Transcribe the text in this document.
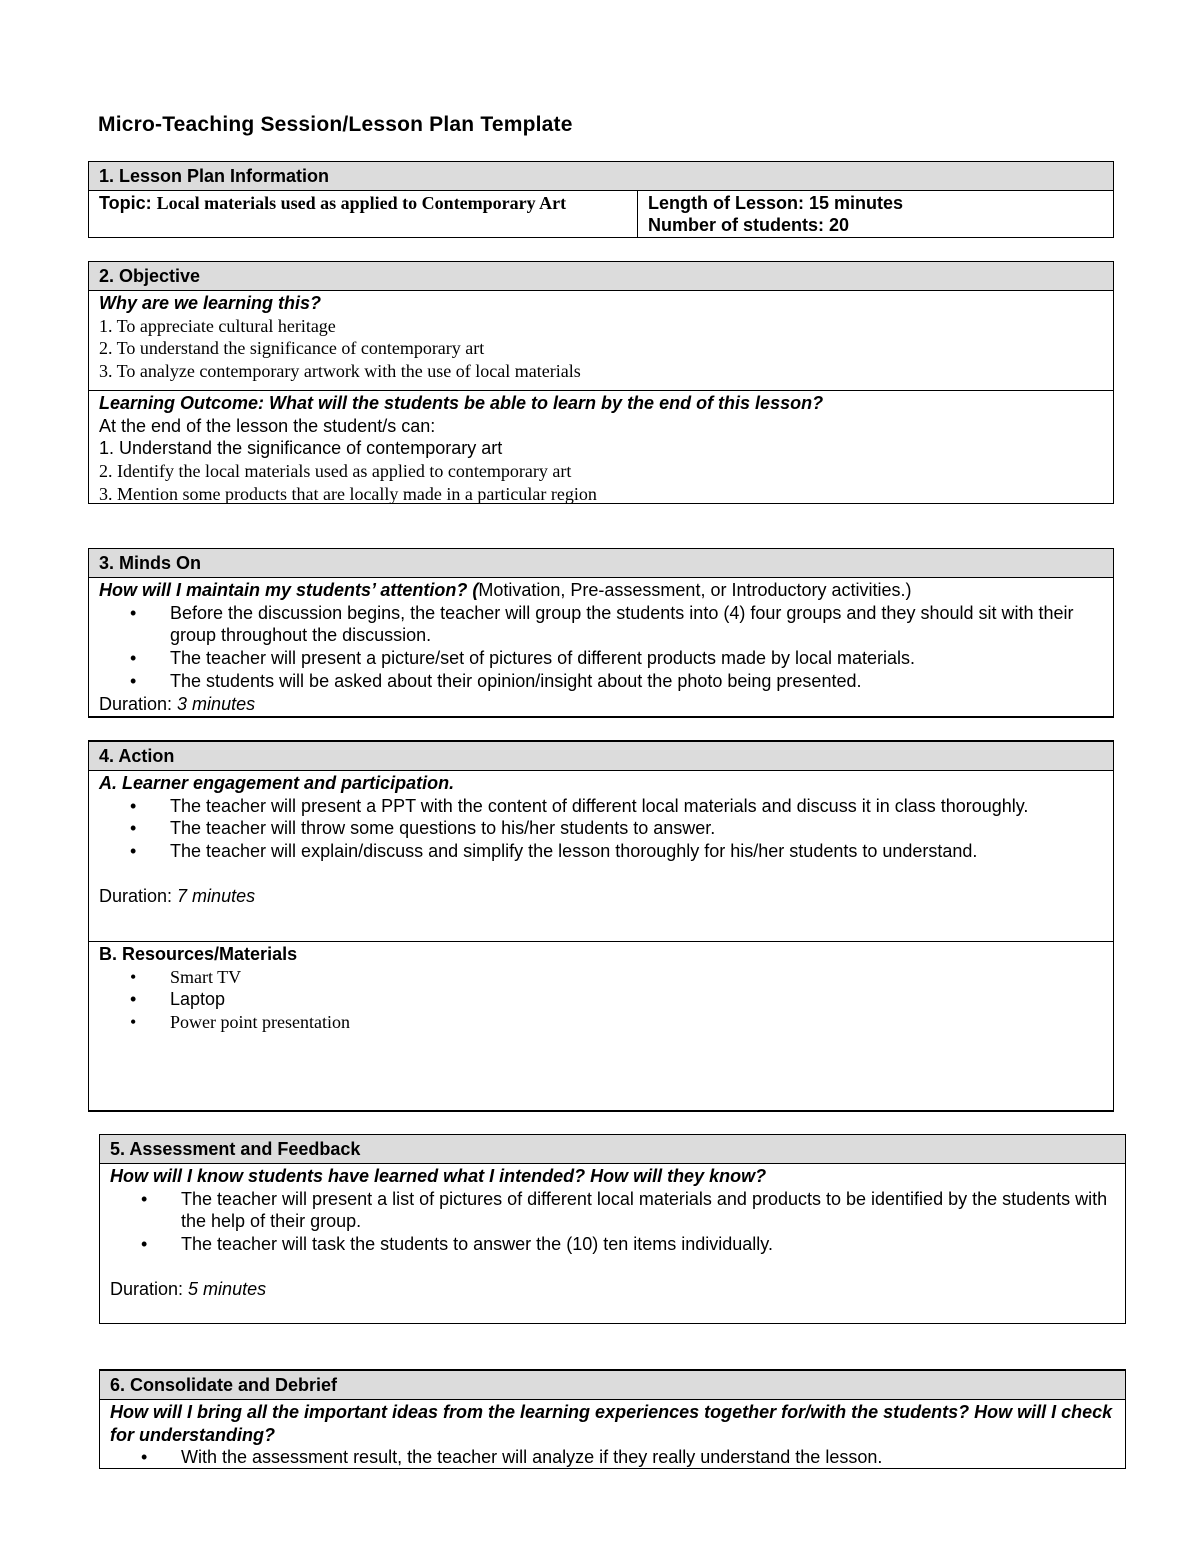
Micro-Teaching Session/Lesson Plan Template
1. Lesson Plan Information
Topic: Local materials used as applied to Contemporary Art	Length of Lesson: 15 minutes
Number of students: 20
2. Objective
Why are we learning this?
1. To appreciate cultural heritage
2. To understand the significance of contemporary art
3. To analyze contemporary artwork with the use of local materials
Learning Outcome: What will the students be able to learn by the end of this lesson?
At the end of the lesson the student/s can:
1. Understand the significance of contemporary art
2. Identify the local materials used as applied to contemporary art
3. Mention some products that are locally made in a particular region
3. Minds On
How will I maintain my students’ attention? (Motivation, Pre-assessment, or Introductory activities.)
• Before the discussion begins, the teacher will group the students into (4) four groups and they should sit with their group throughout the discussion.
• The teacher will present a picture/set of pictures of different products made by local materials.
• The students will be asked about their opinion/insight about the photo being presented.
Duration: 3 minutes
4. Action
A. Learner engagement and participation.
• The teacher will present a PPT with the content of different local materials and discuss it in class thoroughly.
• The teacher will throw some questions to his/her students to answer.
• The teacher will explain/discuss and simplify the lesson thoroughly for his/her students to understand.
Duration: 7 minutes
B. Resources/Materials
• Smart TV
• Laptop
• Power point presentation
5. Assessment and Feedback
How will I know students have learned what I intended? How will they know?
• The teacher will present a list of pictures of different local materials and products to be identified by the students with the help of their group.
• The teacher will task the students to answer the (10) ten items individually.
Duration: 5 minutes
6. Consolidate and Debrief
How will I bring all the important ideas from the learning experiences together for/with the students? How will I check for understanding?
• With the assessment result, the teacher will analyze if they really understand the lesson.
